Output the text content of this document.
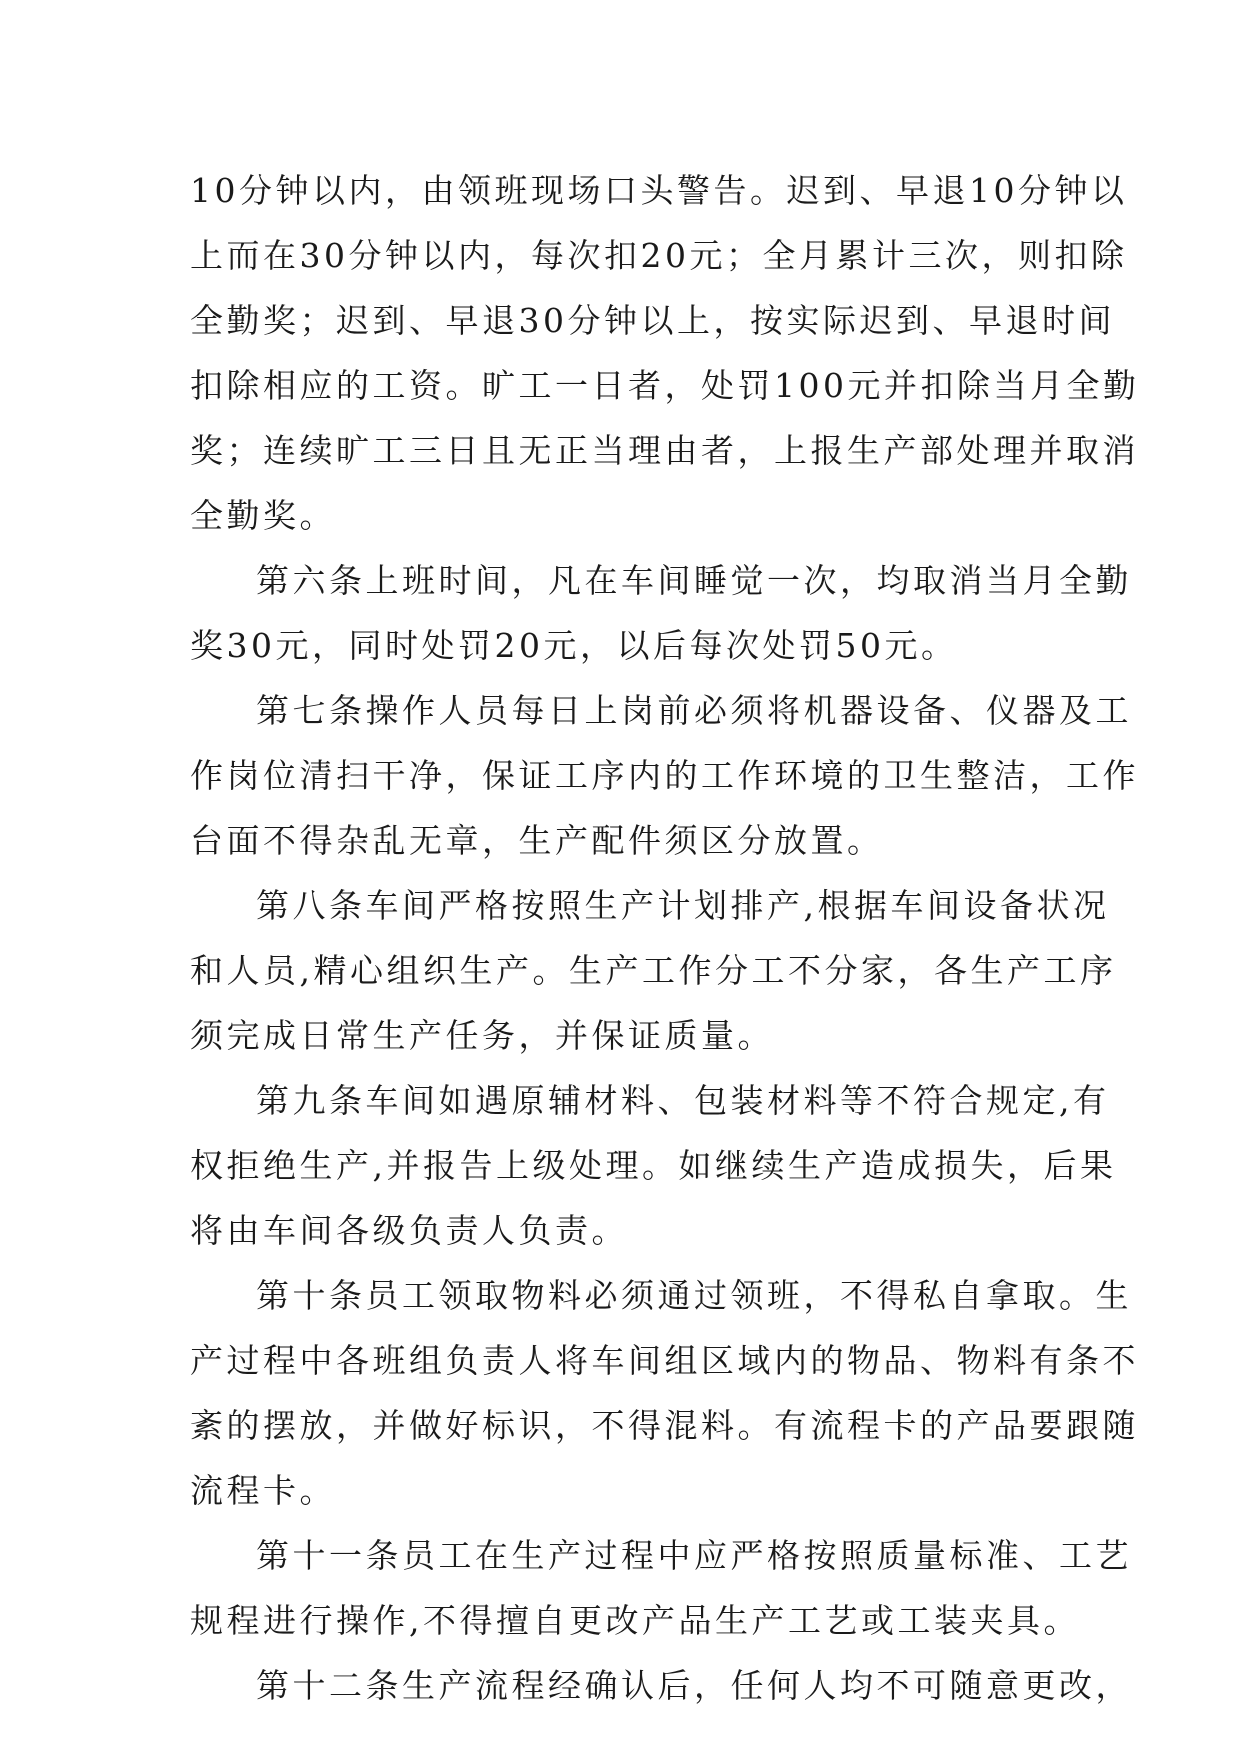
10分钟以内，由领班现场口头警告。迟到、早退10分钟以
上而在30分钟以内，每次扣20元；全月累计三次，则扣除
全勤奖；迟到、早退30分钟以上，按实际迟到、早退时间
扣除相应的工资。旷工一日者，处罚100元并扣除当月全勤
奖；连续旷工三日且无正当理由者，上报生产部处理并取消
全勤奖。
第六条上班时间，凡在车间睡觉一次，均取消当月全勤
奖30元，同时处罚20元，以后每次处罚50元。
第七条操作人员每日上岗前必须将机器设备、仪器及工
作岗位清扫干净，保证工序内的工作环境的卫生整洁，工作
台面不得杂乱无章，生产配件须区分放置。
第八条车间严格按照生产计划排产,根据车间设备状况
和人员,精心组织生产。生产工作分工不分家，各生产工序
须完成日常生产任务，并保证质量。
第九条车间如遇原辅材料、包装材料等不符合规定,有
权拒绝生产,并报告上级处理。如继续生产造成损失，后果
将由车间各级负责人负责。
第十条员工领取物料必须通过领班，不得私自拿取。生
产过程中各班组负责人将车间组区域内的物品、物料有条不
紊的摆放，并做好标识，不得混料。有流程卡的产品要跟随
流程卡。
第十一条员工在生产过程中应严格按照质量标准、工艺
规程进行操作,不得擅自更改产品生产工艺或工装夹具。
第十二条生产流程经确认后，任何人均不可随意更改，
